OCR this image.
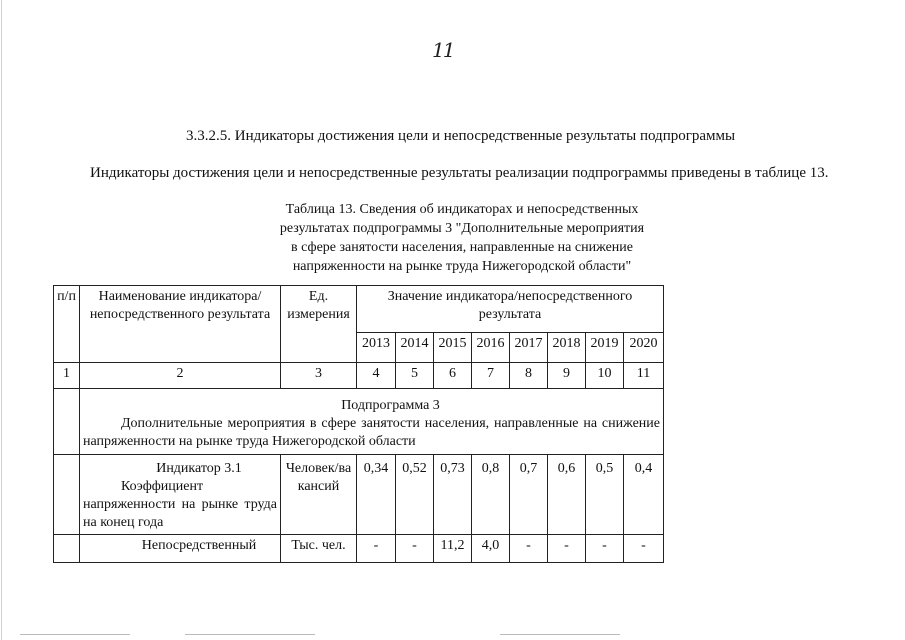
11
3.3.2.5. Индикаторы достижения цели и непосредственные результаты подпрограммы
Индикаторы достижения цели и непосредственные результаты реализации подпрограммы приведены в таблице 13.
Таблица 13. Сведения об индикаторах и непосредственных
результатах подпрограммы 3 "Дополнительные мероприятия
в сфере занятости населения, направленные на снижение
напряженности на рынке труда Нижегородской области"
п/п	Наименование индикатора/непосредственного результата	Ед. измерения	Значение индикатора/непосредственного результата							
			2013	2014	2015	2016	2017	2018	2019	2020
1	2	3	4	5	6	7	8	9	10	11

	Подпрограмма 3
Дополнительные мероприятия в сфере занятости населения, направленные на снижение напряженности на рынке труда Нижегородской области									

	Индикатор 3.1
Коэффициент напряженности на рынке труда на конец года	Человек/вакансий	0,34	0,52	0,73	0,8	0,7	0,6	0,5	0,4

	Непосредственный	Тыс. чел.	-	-	11,2	4,0	-	-	-	-
